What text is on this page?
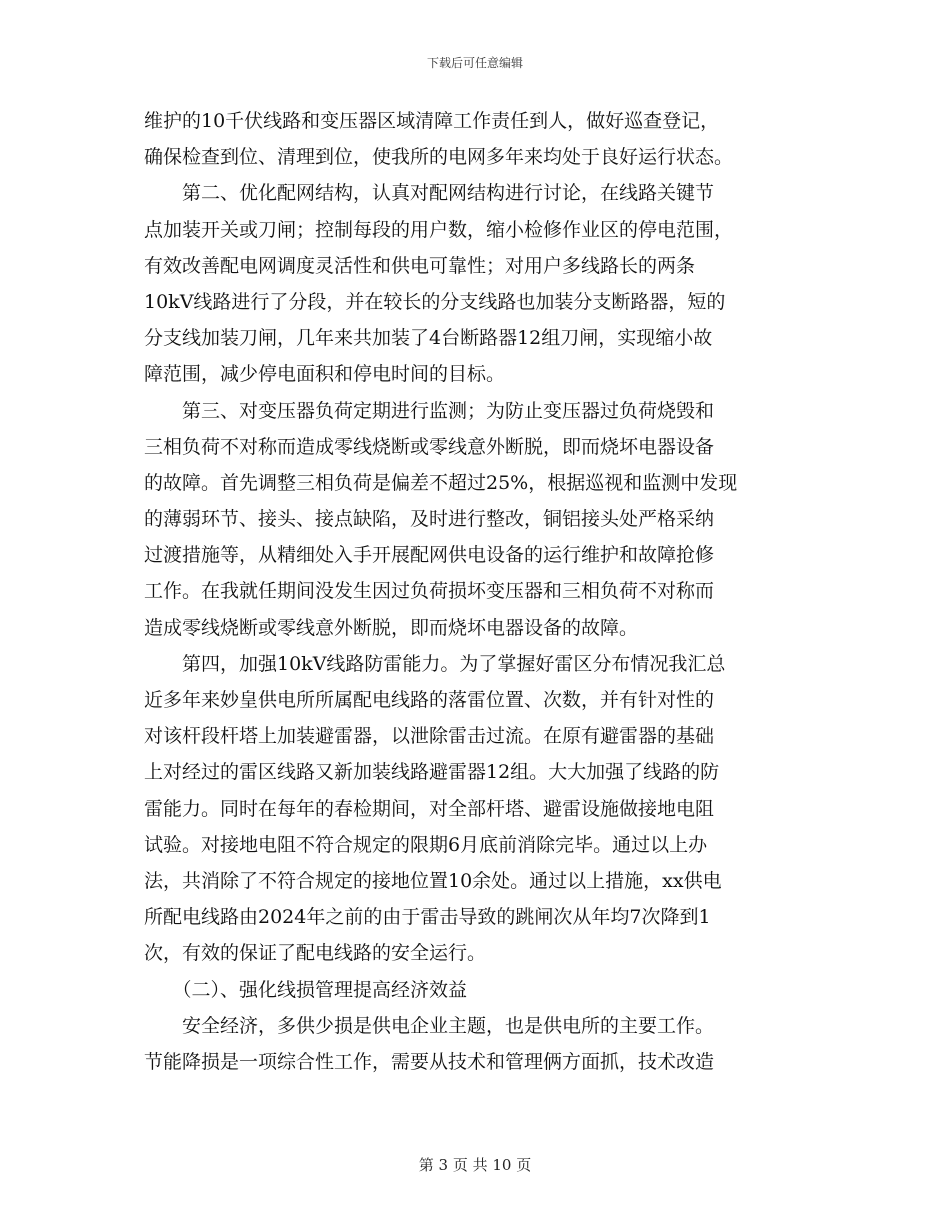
下载后可任意编辑
维护的10千伏线路和变压器区域清障工作责任到人，做好巡查登记，
确保检查到位、清理到位，使我所的电网多年来均处于良好运行状态。
　　第二、优化配网结构，认真对配网结构进行讨论，在线路关键节
点加装开关或刀闸；控制每段的用户数，缩小检修作业区的停电范围，
有效改善配电网调度灵活性和供电可靠性；对用户多线路长的两条
10kV线路进行了分段，并在较长的分支线路也加装分支断路器，短的
分支线加装刀闸，几年来共加装了4台断路器12组刀闸，实现缩小故
障范围，减少停电面积和停电时间的目标。
　　第三、对变压器负荷定期进行监测；为防止变压器过负荷烧毁和
三相负荷不对称而造成零线烧断或零线意外断脱，即而烧坏电器设备
的故障。首先调整三相负荷是偏差不超过25%，根据巡视和监测中发现
的薄弱环节、接头、接点缺陷，及时进行整改，铜铝接头处严格采纳
过渡措施等，从精细处入手开展配网供电设备的运行维护和故障抢修
工作。在我就任期间没发生因过负荷损坏变压器和三相负荷不对称而
造成零线烧断或零线意外断脱，即而烧坏电器设备的故障。
　　第四，加强10kV线路防雷能力。为了掌握好雷区分布情况我汇总
近多年来妙皇供电所所属配电线路的落雷位置、次数，并有针对性的
对该杆段杆塔上加装避雷器，以泄除雷击过流。在原有避雷器的基础
上对经过的雷区线路又新加装线路避雷器12组。大大加强了线路的防
雷能力。同时在每年的春检期间，对全部杆塔、避雷设施做接地电阻
试验。对接地电阻不符合规定的限期6月底前消除完毕。通过以上办
法，共消除了不符合规定的接地位置10余处。通过以上措施，xx供电
所配电线路由2024年之前的由于雷击导致的跳闸次从年均7次降到1
次，有效的保证了配电线路的安全运行。
　　（二）、强化线损管理提高经济效益
　　安全经济，多供少损是供电企业主题，也是供电所的主要工作。
节能降损是一项综合性工作，需要从技术和管理俩方面抓，技术改造
第 3 页 共 10 页
